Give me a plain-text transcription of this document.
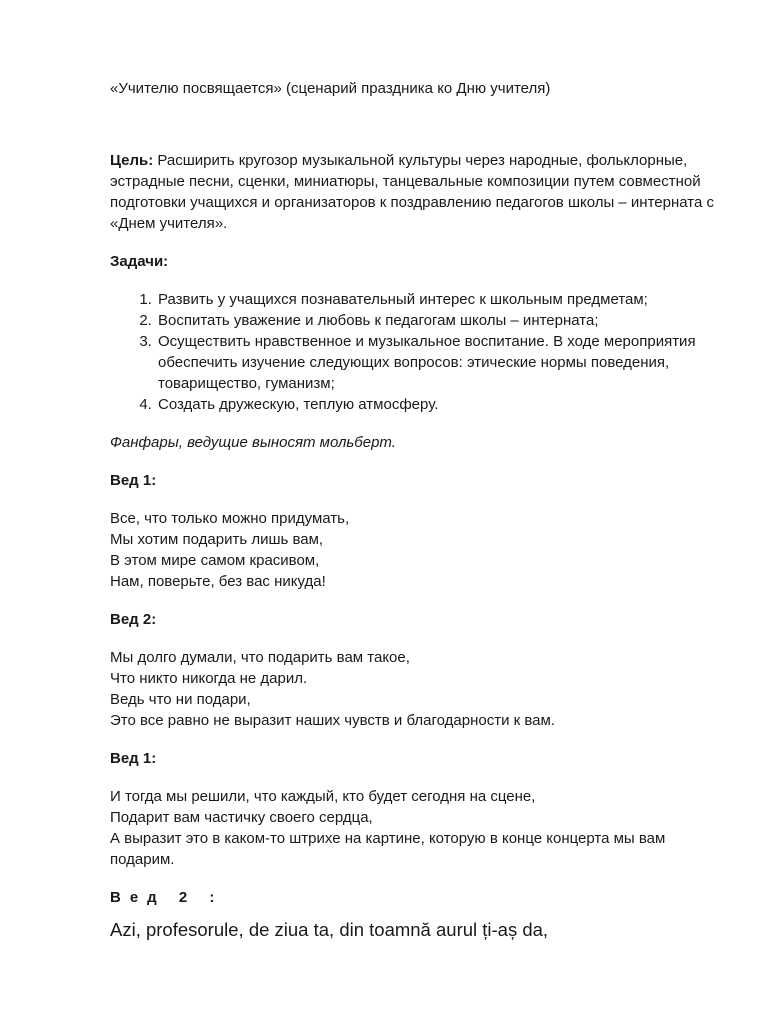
«Учителю посвящается» (сценарий праздника ко Дню учителя)

Цель: Расширить кругозор музыкальной культуры через народные, фольклорные, эстрадные песни, сценки, миниатюры, танцевальные композиции путем совместной подготовки учащихся и организаторов к поздравлению педагогов школы – интерната с «Днем учителя».

Задачи:

1. Развить у учащихся познавательный интерес к школьным предметам;
2. Воспитать уважение и любовь к педагогам школы – интерната;
3. Осуществить нравственное и музыкальное воспитание. В ходе мероприятия обеспечить изучение следующих вопросов: этические нормы поведения, товарищество, гуманизм;
4. Создать дружескую, теплую атмосферу.

Фанфары, ведущие выносят мольберт.

Вед 1:

Все, что только можно придумать,
Мы хотим подарить лишь вам,
В этом мире самом красивом,
Нам, поверьте, без вас никуда!

Вед 2:

Мы долго думали, что подарить вам такое,
Что никто никогда не дарил.
Ведь что ни подари,
Это все равно не выразит наших чувств и благодарности к вам.

Вед 1:

И тогда мы решили, что каждый, кто будет сегодня на сцене,
Подарит вам частичку своего сердца,
А выразит это в каком-то штрихе на картине, которую в конце концерта мы вам подарим.

Вед 2 :

Azi, profesorule, de ziua ta, din toamnă aurul ți-aș da,
